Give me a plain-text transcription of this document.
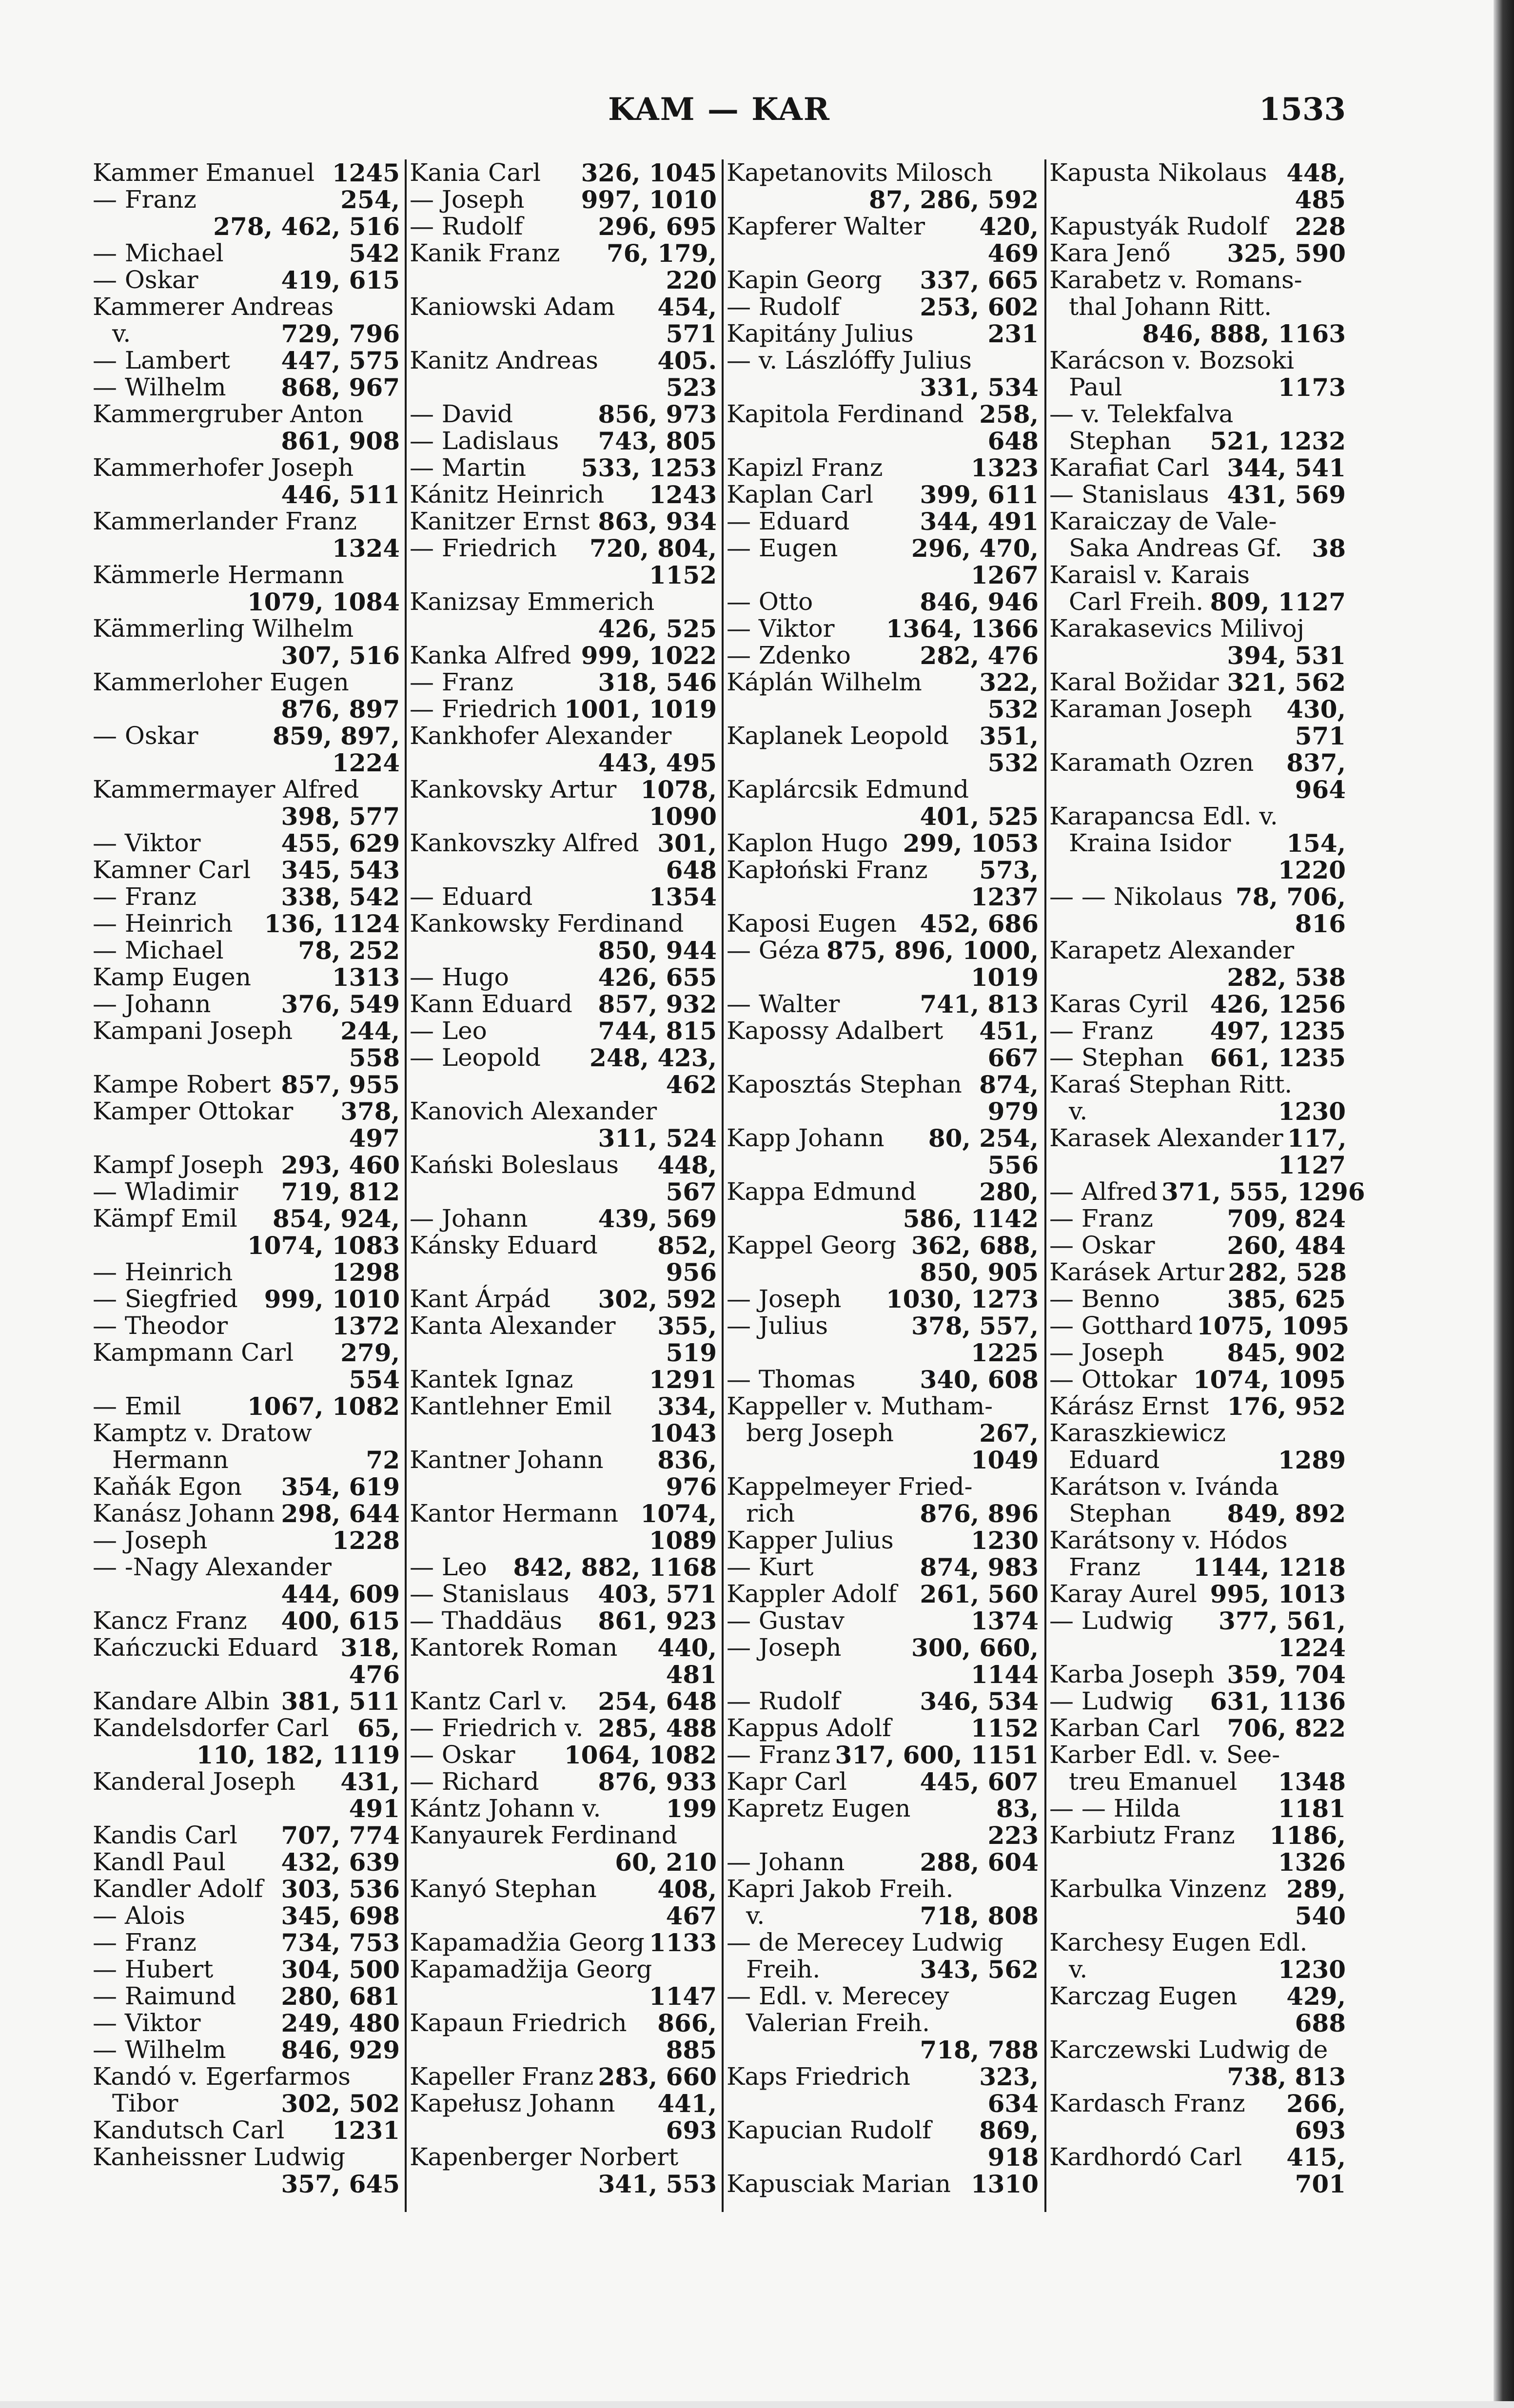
KAM — KAR	1533
Kammer Emanuel 1245
— Franz	254,
278, 462, 516
— Michael	542
— Oskar	419, 615
Kammerer Andreas
v.	729, 796
— Lambert	447, 575
— Wilhelm	868, 967
Kammergruber Anton
861, 908
Kammerhofer Joseph
446, 511
Kammerlander Franz
1324
Kämmerle Hermann
1079, 1084
Kämmerling Wilhelm
307, 516
Kammerloher Eugen
876, 897
— Oskar	859, 897,
1224
Kammermayer Alfred
398, 577
— Viktor	455, 629
Kamner Carl	345, 543
— Franz	338, 542
— Heinrich	136, 1124
— Michael	78, 252
Kamp Eugen	1313
— Johann	376, 549
Kampani Joseph	244,
558
Kampe Robert 857, 955
Kamper Ottokar	378,
497
Kampf Joseph 293, 460
— Wladimir	719, 812
Kämpf Emil	854, 924,
1074, 1083
— Heinrich	1298
— Siegfried	999, 1010
— Theodor	1372
Kampmann Carl	279,
554
— Emil	1067, 1082
Kamptz v. Dratow
Hermann	72
Kaňák Egon	354, 619
Kanász Johann 298, 644
— Joseph	1228
— -Nagy Alexander
444, 609
Kancz Franz	400, 615
Kańczucki Eduard 318,
476
Kandare Albin 381, 511
Kandelsdorfer Carl	65,
110, 182, 1119
Kanderal Joseph	431,
491
Kandis Carl	707, 774
Kandl Paul	432, 639
Kandler Adolf 303, 536
— Alois	345, 698
— Franz	734, 753
— Hubert	304, 500
— Raimund	280, 681
— Viktor	249, 480
— Wilhelm	846, 929
Kandó v. Egerfarmos
Tibor	302, 502
Kandutsch Carl	1231
Kanheissner Ludwig
357, 645
Kania Carl	326, 1045
— Joseph	997, 1010
— Rudolf	296, 695
Kanik Franz	76, 179,
220
Kaniowski Adam	454,
571
Kanitz Andreas	405.
523
— David	856, 973
— Ladislaus	743, 805
— Martin	533, 1253
Kánitz Heinrich	1243
Kanitzer Ernst 863, 934
— Friedrich	720, 804,
1152
Kanizsay Emmerich
426, 525
Kanka Alfred 999, 1022
— Franz	318, 546
— Friedrich 1001, 1019
Kankhofer Alexander
443, 495
Kankovsky Artur 1078,
1090
Kankovszky Alfred 301,
648
— Eduard	1354
Kankowsky Ferdinand
850, 944
— Hugo	426, 655
Kann Eduard	857, 932
— Leo	744, 815
— Leopold	248, 423,
462
Kanovich Alexander
311, 524
Kański Boleslaus	448,
567
— Johann	439, 569
Kánsky Eduard	852,
956
Kant Árpád	302, 592
Kanta Alexander	355,
519
Kantek Ignaz	1291
Kantlehner Emil	334,
1043
Kantner Johann	836,
976
Kantor Hermann 1074,
1089
— Leo	842, 882, 1168
— Stanislaus	403, 571
— Thaddäus	861, 923
Kantorek Roman	440,
481
Kantz Carl v.	254, 648
— Friedrich v. 285, 488
— Oskar	1064, 1082
— Richard	876, 933
Kántz Johann v.	199
Kanyaurek Ferdinand
60, 210
Kanyó Stephan	408,
467
Kapamadžia Georg 1133
Kapamadžija Georg
1147
Kapaun Friedrich	866,
885
Kapeller Franz 283, 660
Kapełusz Johann	441,
693
Kapenberger Norbert
341, 553
Kapetanovits Milosch
87, 286, 592
Kapferer Walter	420,
469
Kapin Georg	337, 665
— Rudolf	253, 602
Kapitány Julius	231
— v. Lászlóffy Julius
331, 534
Kapitola Ferdinand 258,
648
Kapizl Franz	1323
Kaplan Carl	399, 611
— Eduard	344, 491
— Eugen	296, 470,
1267
— Otto	846, 946
— Viktor	1364, 1366
— Zdenko	282, 476
Káplán Wilhelm	322,
532
Kaplanek Leopold	351,
532
Kaplárcsik Edmund
401, 525
Kaplon Hugo 299, 1053
Kapłoński Franz	573,
1237
Kaposi Eugen 452, 686
— Géza 875, 896, 1000,
1019
— Walter	741, 813
Kapossy Adalbert	451,
667
Kaposztás Stephan 874,
979
Kapp Johann	80, 254,
556
Kappa Edmund	280,
586, 1142
Kappel Georg 362, 688,
850, 905
— Joseph	1030, 1273
— Julius	378, 557,
1225
— Thomas	340, 608
Kappeller v. Mutham-
berg Joseph	267,
1049
Kappelmeyer Fried-
rich	876, 896
Kapper Julius	1230
— Kurt	874, 983
Kappler Adolf 261, 560
— Gustav	1374
— Joseph	300, 660,
1144
— Rudolf	346, 534
Kappus Adolf	1152
— Franz 317, 600, 1151
Kapr Carl	445, 607
Kapretz Eugen	83,
223
— Johann	288, 604
Kapri Jakob Freih.
v.	718, 808
— de Merecey Ludwig
Freih.	343, 562
— Edl. v. Merecey
Valerian Freih.
718, 788
Kaps Friedrich	323,
634
Kapucian Rudolf	869,
918
Kapusciak Marian 1310
Kapusta Nikolaus 448,
485
Kapustyák Rudolf	228
Kara Jenő	325, 590
Karabetz v. Romans-
thal Johann Ritt.
846, 888, 1163
Karácson v. Bozsoki
Paul	1173
— v. Telekfalva
Stephan	521, 1232
Karafiat Carl 344, 541
— Stanislaus 431, 569
Karaiczay de Vale-
Saka Andreas Gf.	38
Karaisl v. Karais
Carl Freih. 809, 1127
Karakasevics Milivoj
394, 531
Karal Božidar 321, 562
Karaman Joseph	430,
571
Karamath Ozren	837,
964
Karapancsa Edl. v.
Kraina Isidor	154,
1220
— — Nikolaus 78, 706,
816
Karapetz Alexander
282, 538
Karas Cyril 426, 1256
— Franz	497, 1235
— Stephan	661, 1235
Karaś Stephan Ritt.
v.	1230
Karasek Alexander 117,
1127
— Alfred 371, 555, 1296
— Franz	709, 824
— Oskar	260, 484
Karásek Artur 282, 528
— Benno	385, 625
— Gotthard 1075, 1095
— Joseph	845, 902
— Ottokar 1074, 1095
Kárász Ernst 176, 952
Karaszkiewicz
Eduard	1289
Karátson v. Ivánda
Stephan	849, 892
Karátsony v. Hódos
Franz	1144, 1218
Karay Aurel 995, 1013
— Ludwig	377, 561,
1224
Karba Joseph 359, 704
— Ludwig	631, 1136
Karban Carl	706, 822
Karber Edl. v. See-
treu Emanuel	1348
— — Hilda	1181
Karbiutz Franz	1186,
1326
Karbulka Vinzenz 289,
540
Karchesy Eugen Edl.
v.	1230
Karczag Eugen	429,
688
Karczewski Ludwig de
738, 813
Kardasch Franz	266,
693
Kardhordó Carl	415,
701
